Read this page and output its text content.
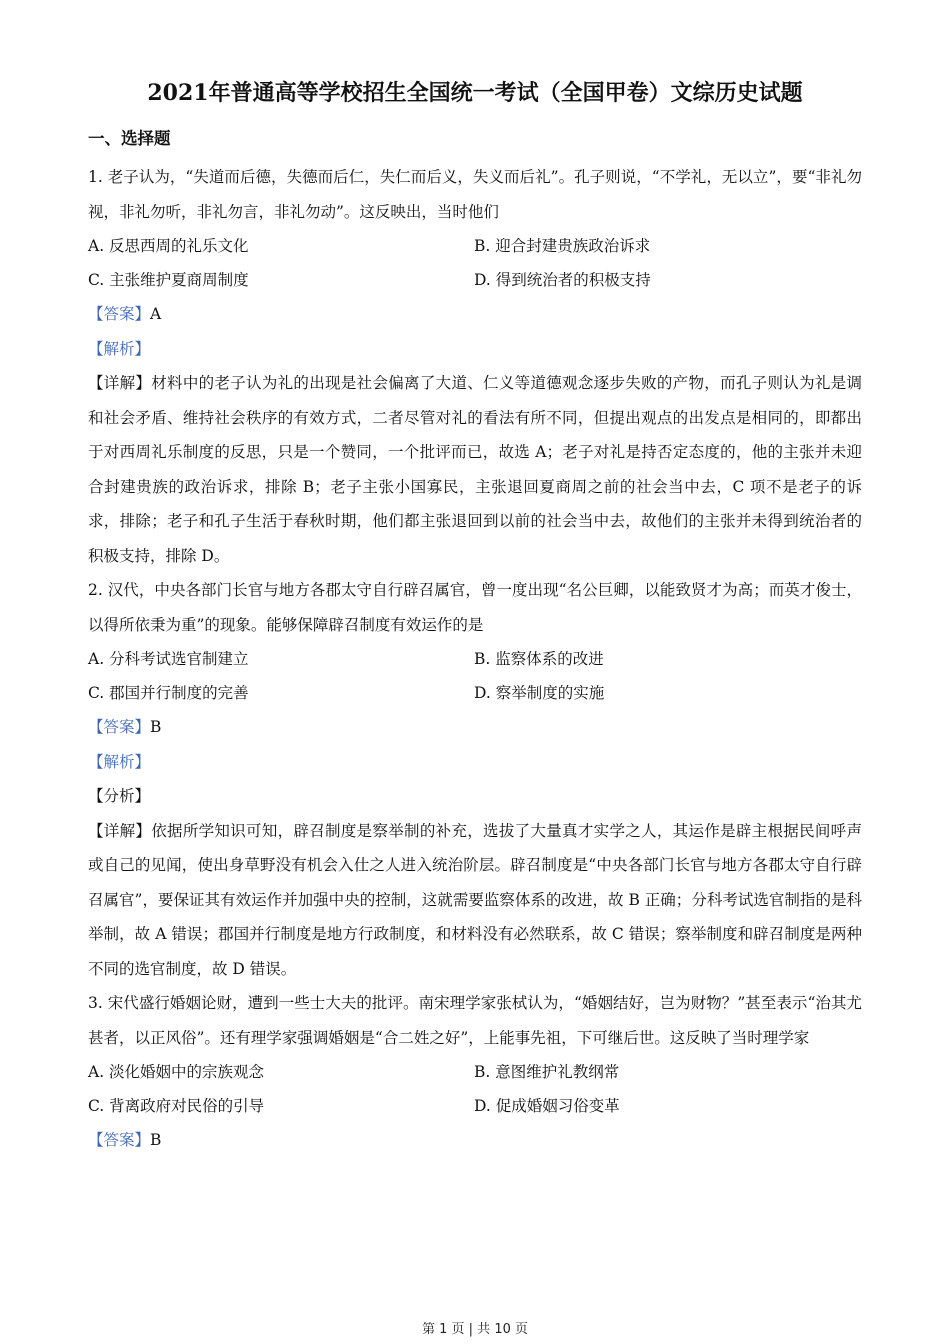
2021年普通高等学校招生全国统一考试（全国甲卷）文综历史试题
一、选择题

1. 老子认为，“失道而后德，失德而后仁，失仁而后义，失义而后礼”。孔子则说，“不学礼，无以立”，要“非礼勿视，非礼勿听，非礼勿言，非礼勿动”。这反映出，当时他们

A. 反思西周的礼乐文化	B. 迎合封建贵族政治诉求
C. 主张维护夏商周制度	D. 得到统治者的积极支持

【答案】A

【解析】

【详解】材料中的老子认为礼的出现是社会偏离了大道、仁义等道德观念逐步失败的产物，而孔子则认为礼是调和社会矛盾、维持社会秩序的有效方式，二者尽管对礼的看法有所不同，但提出观点的出发点是相同的，即都出于对西周礼乐制度的反思，只是一个赞同，一个批评而已，故选 A；老子对礼是持否定态度的，他的主张并未迎合封建贵族的政治诉求，排除 B；老子主张小国寡民，主张退回夏商周之前的社会当中去，C 项不是老子的诉求，排除；老子和孔子生活于春秋时期，他们都主张退回到以前的社会当中去，故他们的主张并未得到统治者的积极支持，排除 D。

2. 汉代，中央各部门长官与地方各郡太守自行辟召属官，曾一度出现“名公巨卿，以能致贤才为高；而英才俊士，以得所依秉为重”的现象。能够保障辟召制度有效运作的是

A. 分科考试选官制建立	B. 监察体系的改进
C. 郡国并行制度的完善	D. 察举制度的实施

【答案】B

【解析】

【分析】

【详解】依据所学知识可知，辟召制度是察举制的补充，选拔了大量真才实学之人，其运作是辟主根据民间呼声或自己的见闻，使出身草野没有机会入仕之人进入统治阶层。辟召制度是“中央各部门长官与地方各郡太守自行辟召属官”，要保证其有效运作并加强中央的控制，这就需要监察体系的改进，故 B 正确；分科考试选官制指的是科举制，故 A 错误；郡国并行制度是地方行政制度，和材料没有必然联系，故 C 错误；察举制度和辟召制度是两种不同的选官制度，故 D 错误。

3. 宋代盛行婚姻论财，遭到一些士大夫的批评。南宋理学家张栻认为，“婚姻结好，岂为财物？”甚至表示“治其尤甚者，以正风俗”。还有理学家强调婚姻是“合二姓之好”，上能事先祖，下可继后世。这反映了当时理学家

A. 淡化婚姻中的宗族观念	B. 意图维护礼教纲常
C. 背离政府对民俗的引导	D. 促成婚姻习俗变革

【答案】B

第 1 页 | 共 10 页
